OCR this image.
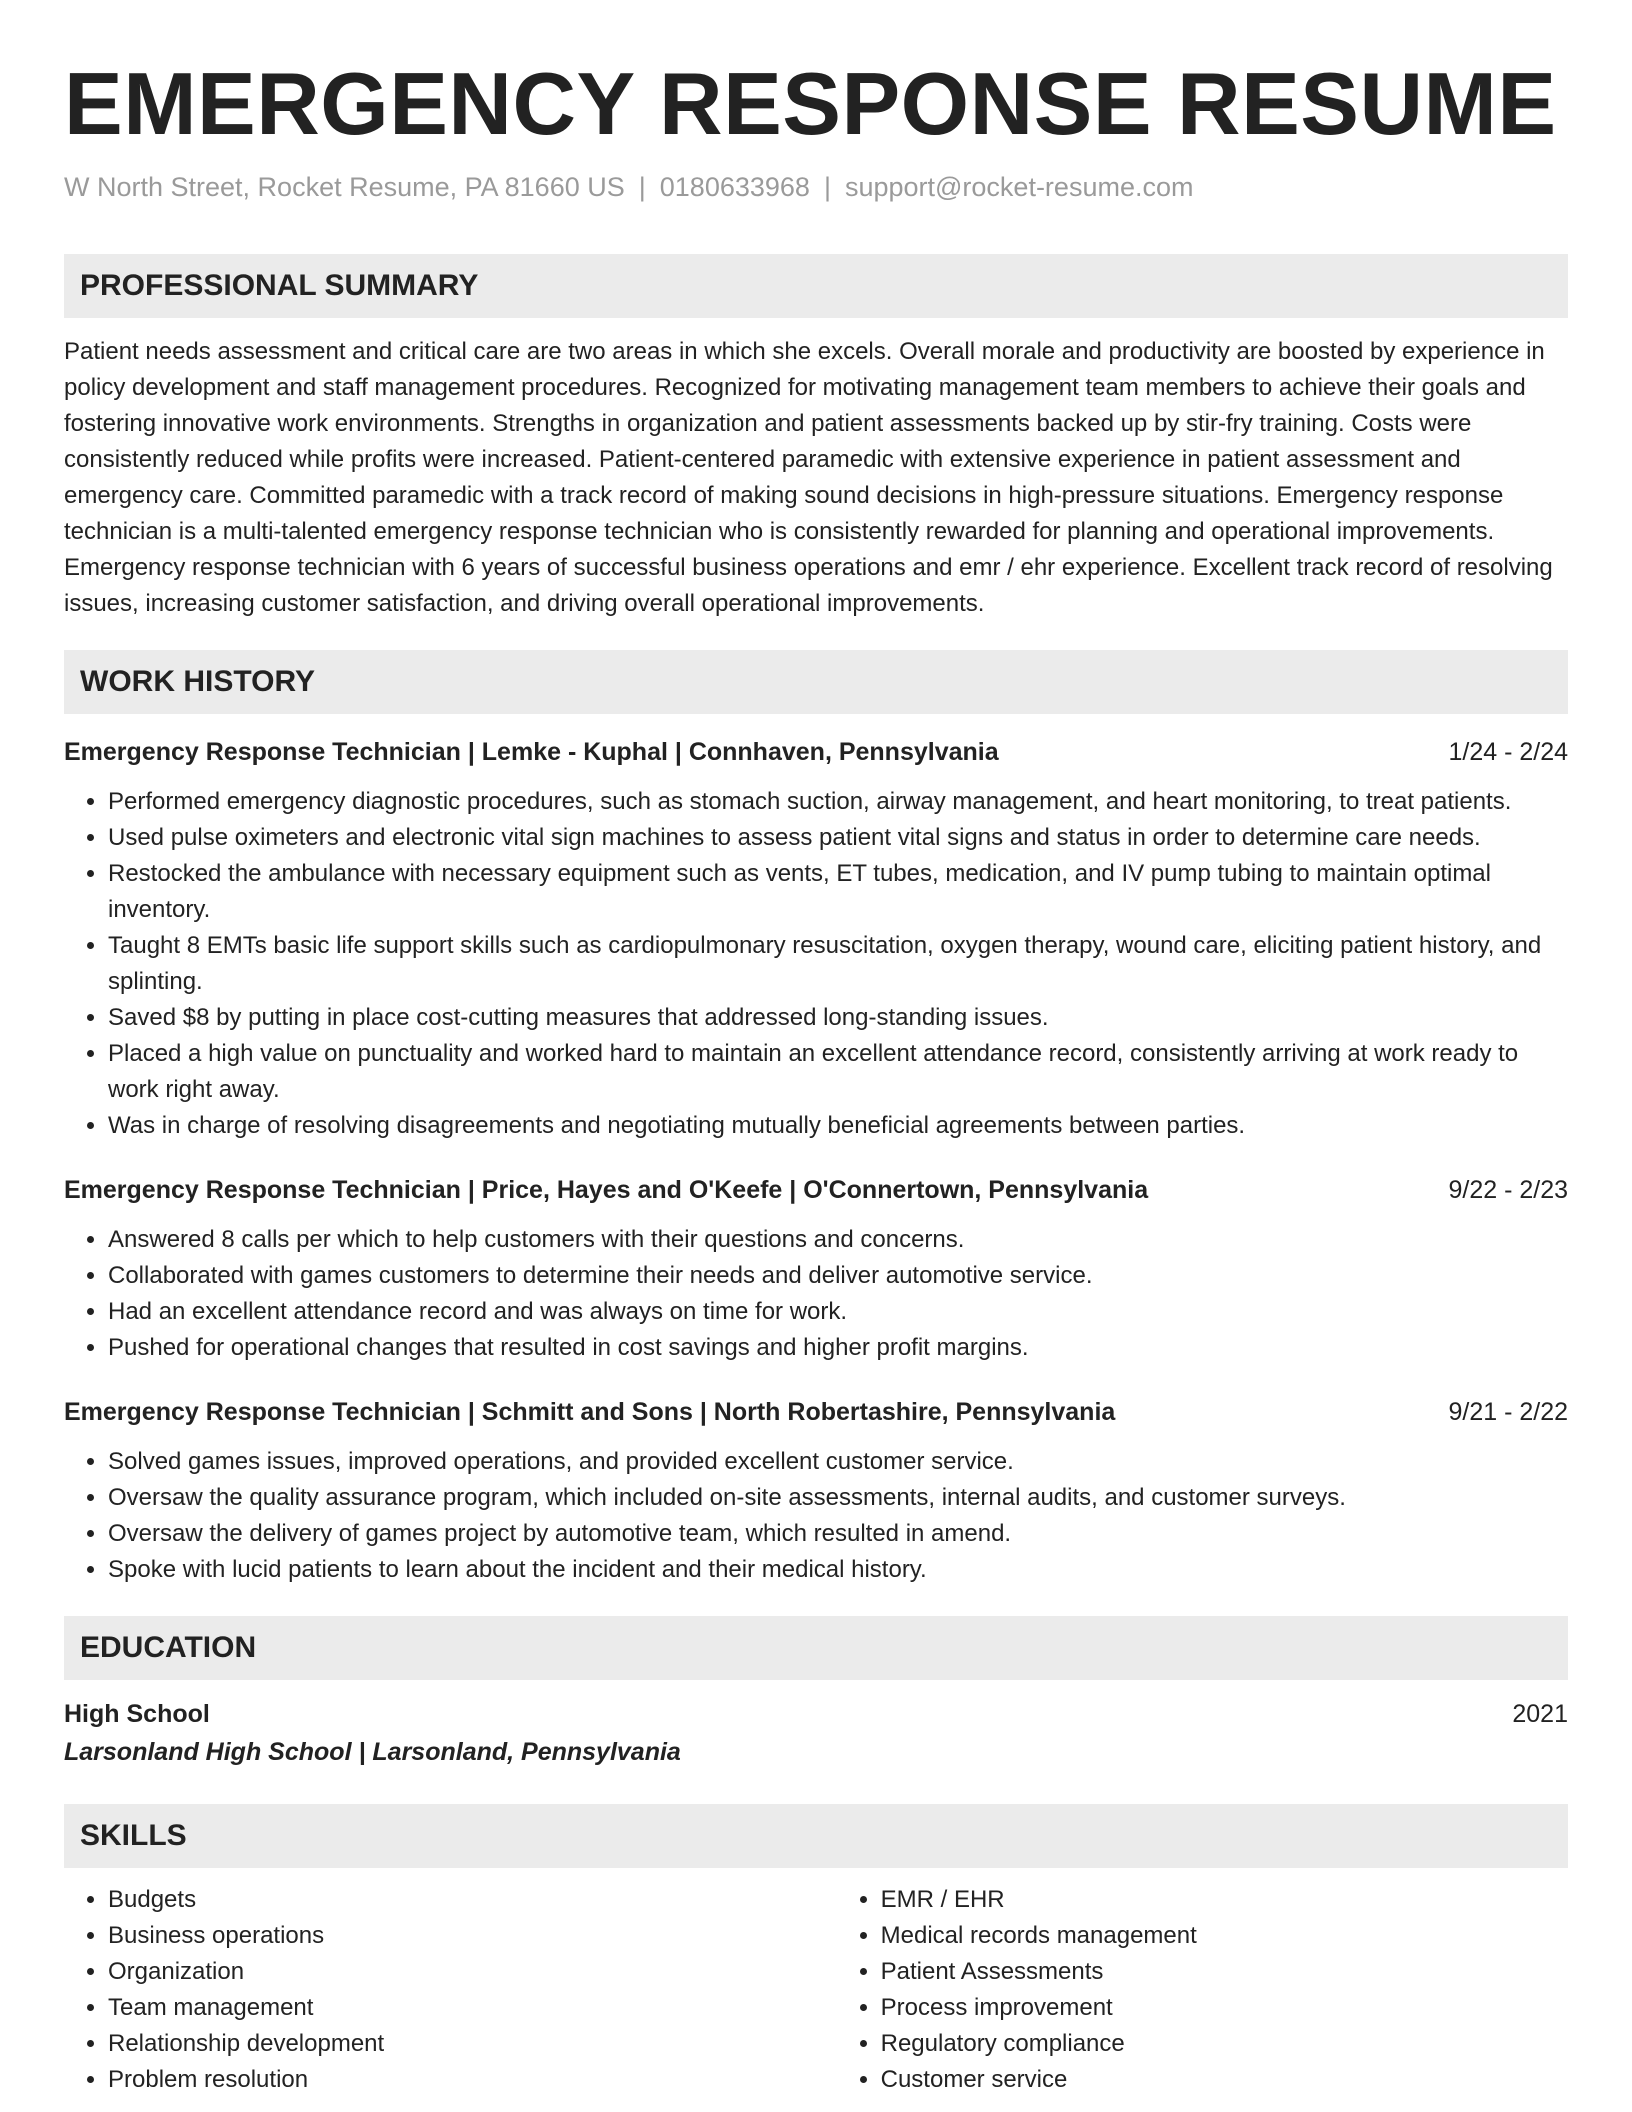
EMERGENCY RESPONSE RESUME
W North Street, Rocket Resume, PA 81660 US | 0180633968 | support@rocket-resume.com
PROFESSIONAL SUMMARY
Patient needs assessment and critical care are two areas in which she excels. Overall morale and productivity are boosted by experience in policy development and staff management procedures. Recognized for motivating management team members to achieve their goals and fostering innovative work environments. Strengths in organization and patient assessments backed up by stir-fry training. Costs were consistently reduced while profits were increased. Patient-centered paramedic with extensive experience in patient assessment and emergency care. Committed paramedic with a track record of making sound decisions in high-pressure situations. Emergency response technician is a multi-talented emergency response technician who is consistently rewarded for planning and operational improvements. Emergency response technician with 6 years of successful business operations and emr / ehr experience. Excellent track record of resolving issues, increasing customer satisfaction, and driving overall operational improvements.
WORK HISTORY
Emergency Response Technician | Lemke - Kuphal | Connhaven, Pennsylvania	1/24 - 2/24
• Performed emergency diagnostic procedures, such as stomach suction, airway management, and heart monitoring, to treat patients.
• Used pulse oximeters and electronic vital sign machines to assess patient vital signs and status in order to determine care needs.
• Restocked the ambulance with necessary equipment such as vents, ET tubes, medication, and IV pump tubing to maintain optimal inventory.
• Taught 8 EMTs basic life support skills such as cardiopulmonary resuscitation, oxygen therapy, wound care, eliciting patient history, and splinting.
• Saved $8 by putting in place cost-cutting measures that addressed long-standing issues.
• Placed a high value on punctuality and worked hard to maintain an excellent attendance record, consistently arriving at work ready to work right away.
• Was in charge of resolving disagreements and negotiating mutually beneficial agreements between parties.
Emergency Response Technician | Price, Hayes and O'Keefe | O'Connertown, Pennsylvania	9/22 - 2/23
• Answered 8 calls per which to help customers with their questions and concerns.
• Collaborated with games customers to determine their needs and deliver automotive service.
• Had an excellent attendance record and was always on time for work.
• Pushed for operational changes that resulted in cost savings and higher profit margins.
Emergency Response Technician | Schmitt and Sons | North Robertashire, Pennsylvania	9/21 - 2/22
• Solved games issues, improved operations, and provided excellent customer service.
• Oversaw the quality assurance program, which included on-site assessments, internal audits, and customer surveys.
• Oversaw the delivery of games project by automotive team, which resulted in amend.
• Spoke with lucid patients to learn about the incident and their medical history.
EDUCATION
High School	2021
Larsonland High School | Larsonland, Pennsylvania
SKILLS
• Budgets
• Business operations
• Organization
• Team management
• Relationship development
• Problem resolution
• EMR / EHR
• Medical records management
• Patient Assessments
• Process improvement
• Regulatory compliance
• Customer service
